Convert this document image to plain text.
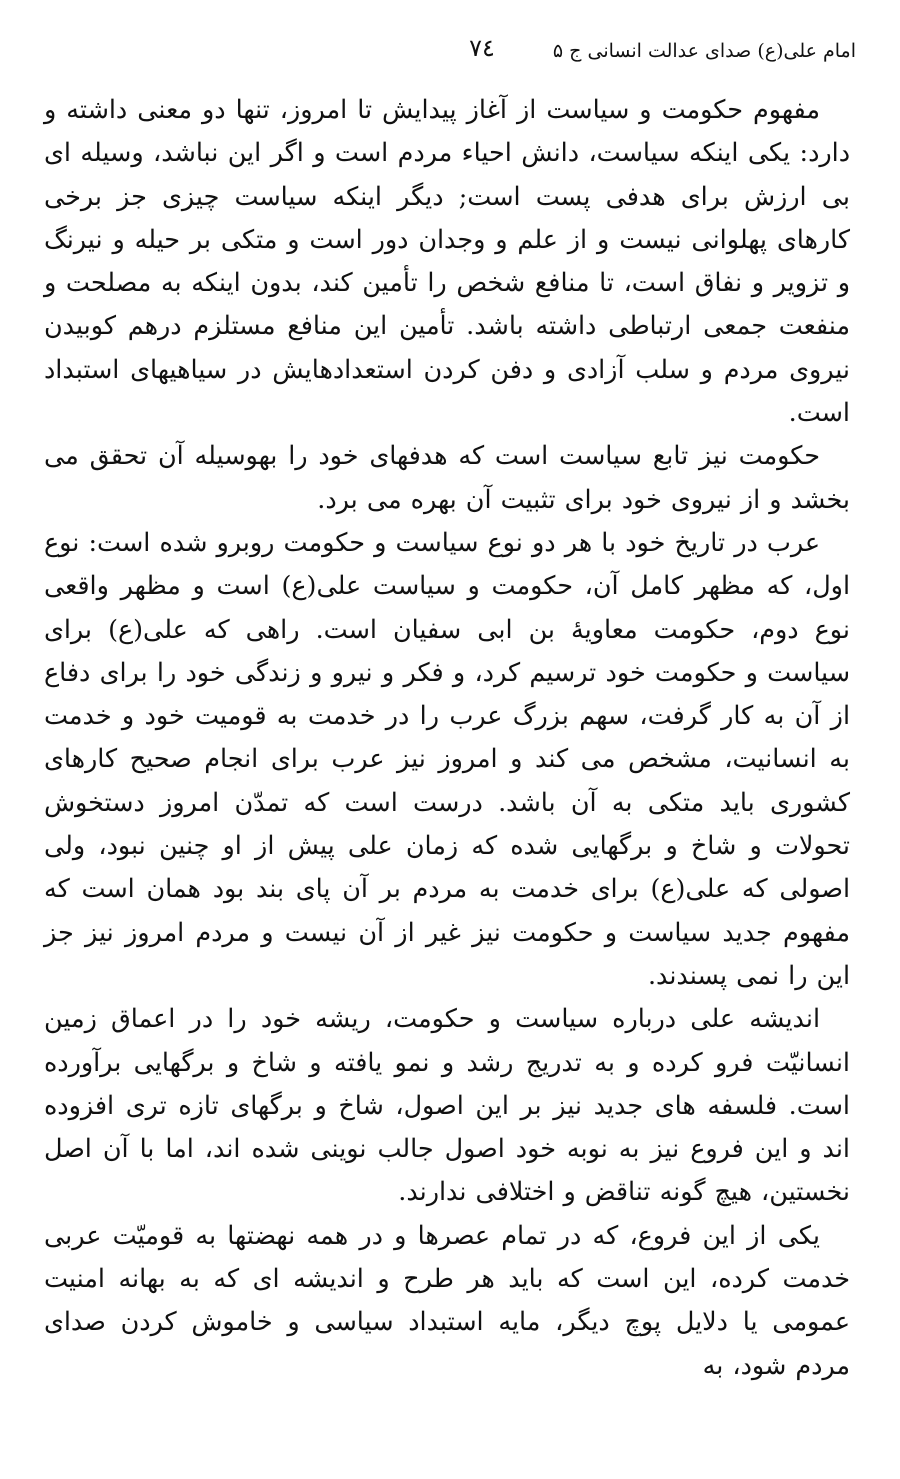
امام علی(ع) صدای عدالت انسانی ج ۵
۷٤

مفهوم حکومت و سیاست از آغاز پیدایش تا امروز، تنها دو معنی داشته و دارد: یکی اینکه سیاست، دانش احیاء مردم است و اگر این نباشد، وسیله ای بی ارزش برای هدفی پست است; دیگر اینکه سیاست چیزی جز برخی کارهای پهلوانی نیست و از علم و وجدان دور است و متکی بر حیله و نیرنگ و تزویر و نفاق است، تا منافع شخص را تأمین کند، بدون اینکه به مصلحت و منفعت جمعی ارتباطی داشته باشد. تأمین این منافع مستلزم درهم کوبیدن نیروی مردم و سلب آزادی و دفن کردن استعدادهایش در سیاهیهای استبداد است.

حکومت نیز تابع سیاست است که هدفهای خود را بهوسیله آن تحقق می بخشد و از نیروی خود برای تثبیت آن بهره می برد.

عرب در تاریخ خود با هر دو نوع سیاست و حکومت روبرو شده است: نوع اول، که مظهر کامل آن، حکومت و سیاست علی(ع) است و مظهر واقعی نوع دوم، حکومت معاویۀ بن ابی سفیان است. راهی که علی(ع) برای سیاست و حکومت خود ترسیم کرد، و فکر و نیرو و زندگی خود را برای دفاع از آن به کار گرفت، سهم بزرگ عرب را در خدمت به قومیت خود و خدمت به انسانیت، مشخص می کند و امروز نیز عرب برای انجام صحیح کارهای کشوری باید متکی به آن باشد. درست است که تمدّن امروز دستخوش تحولات و شاخ و برگهایی شده که زمان علی پیش از او چنین نبود، ولی اصولی که علی(ع) برای خدمت به مردم بر آن پای بند بود همان است که مفهوم جدید سیاست و حکومت نیز غیر از آن نیست و مردم امروز نیز جز این را نمی پسندند.

اندیشه علی درباره سیاست و حکومت، ریشه خود را در اعماق زمین انسانیّت فرو کرده و به تدریج رشد و نمو یافته و شاخ و برگهایی برآورده است. فلسفه های جدید نیز بر این اصول، شاخ و برگهای تازه تری افزوده اند و این فروع نیز به نوبه خود اصول جالب نوینی شده اند، اما با آن اصل نخستین، هیچ گونه تناقض و اختلافی ندارند.

یکی از این فروع، که در تمام عصرها و در همه نهضتها به قومیّت عربی خدمت کرده، این است که باید هر طرح و اندیشه ای که به بهانه امنیت عمومی یا دلایل پوچ دیگر، مایه استبداد سیاسی و خاموش کردن صدای مردم شود، به
